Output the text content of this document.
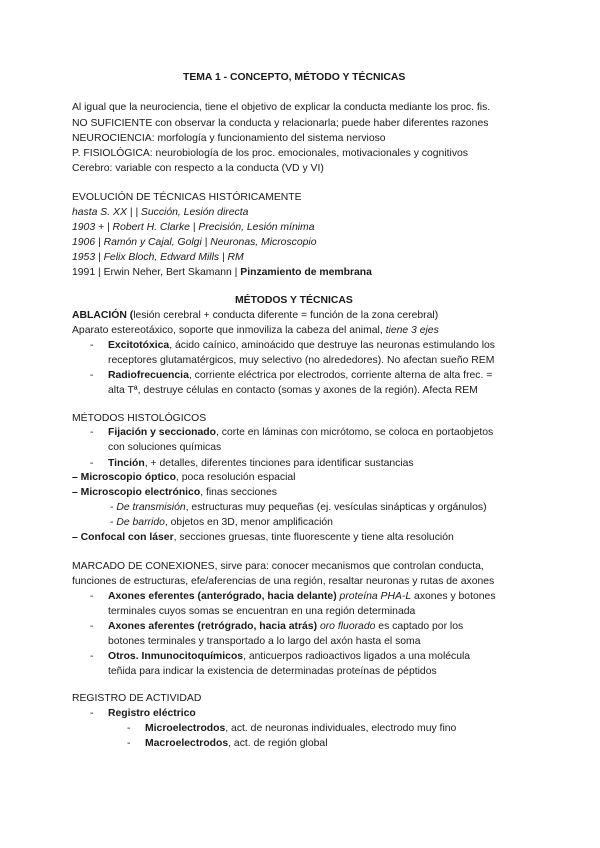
TEMA 1 - CONCEPTO, MÉTODO Y TÉCNICAS
Al igual que la neurociencia, tiene el objetivo de explicar la conducta mediante los proc. fis.
NO SUFICIENTE con observar la conducta y relacionarla; puede haber diferentes razones
NEUROCIENCIA: morfología y funcionamiento del sistema nervioso
P. FISIOLÓGICA: neurobiología de los proc. emocionales, motivacionales y cognitivos
Cerebro: variable con respecto a la conducta (VD y VI)
EVOLUCIÓN DE TÉCNICAS HISTÓRICAMENTE
hasta S. XX | | Succión, Lesión directa
1903 + | Robert H. Clarke | Precisión, Lesión mínima
1906 | Ramón y Cajal, Golgi | Neuronas, Microscopio
1953 | Felix Bloch, Edward Mills | RM
1991 | Erwin Neher, Bert Skamann | Pinzamiento de membrana
MÉTODOS Y TÉCNICAS
ABLACIÓN (lesión cerebral + conducta diferente = función de la zona cerebral)
Aparato estereotáxico, soporte que inmoviliza la cabeza del animal, tiene 3 ejes
- Excitotóxica, ácido caínico, aminoácido que destruye las neuronas estimulando los
receptores glutamatérgicos, muy selectivo (no alrededores). No afectan sueño REM
- Radiofrecuencia, corriente eléctrica por electrodos, corriente alterna de alta frec. =
alta Tª, destruye células en contacto (somas y axones de la región). Afecta REM
MÉTODOS HISTOLÓGICOS
- Fijación y seccionado, corte en láminas con micrótomo, se coloca en portaobjetos
con soluciones químicas
- Tinción, + detalles, diferentes tinciones para identificar sustancias
– Microscopio óptico, poca resolución espacial
– Microscopio electrónico, finas secciones
- De transmisión, estructuras muy pequeñas (ej. vesículas sinápticas y orgánulos)
- De barrido, objetos en 3D, menor amplificación
– Confocal con láser, secciones gruesas, tinte fluorescente y tiene alta resolución
MARCADO DE CONEXIONES, sirve para: conocer mecanismos que controlan conducta,
funciones de estructuras, efe/aferencias de una región, resaltar neuronas y rutas de axones
- Axones eferentes (anterógrado, hacia delante) proteína PHA-L axones y botones
terminales cuyos somas se encuentran en una región determinada
- Axones aferentes (retrógrado, hacia atrás) oro fluorado es captado por los
botones terminales y transportado a lo largo del axón hasta el soma
- Otros. Inmunocitoquímicos, anticuerpos radioactivos ligados a una molécula
teñida para indicar la existencia de determinadas proteínas de péptidos
REGISTRO DE ACTIVIDAD
- Registro eléctrico
- Microelectrodos, act. de neuronas individuales, electrodo muy fino
- Macroelectrodos, act. de región global
